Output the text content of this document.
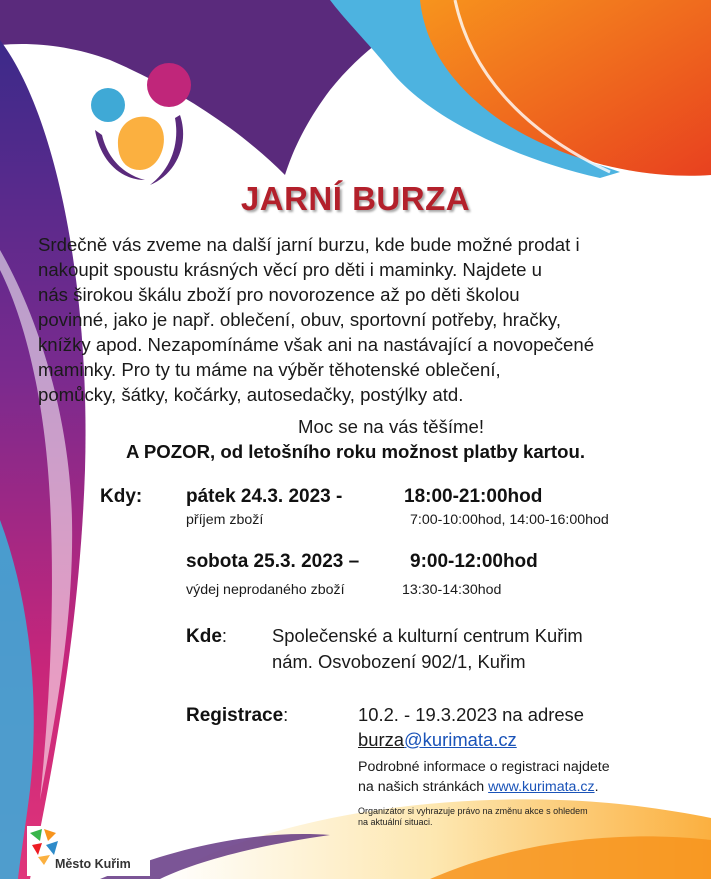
JARNÍ BURZA

Srdečně vás zveme na další jarní burzu, kde bude možné prodat i

nakoupit spoustu krásných věcí pro děti i maminky. Najdete u

nás širokou škálu zboží pro novorozence až po děti školou

povinné, jako je např. oblečení, obuv, sportovní potřeby, hračky,

knížky apod. Nezapomínáme však ani na nastávající a novopečené

maminky. Pro ty tu máme na výběr těhotenské oblečení,

pomůcky, šátky, kočárky, autosedačky, postýlky atd.

Moc se na vás těšíme!
A POZOR, od letošního roku možnost platby kartou.
Kdy: pátek 24.3. 2023 -	18:00-21:00hod
příjem zboží	7:00-10:00hod, 14:00-16:00hod
sobota 25.3. 2023 –	9:00-12:00hod
výdej neprodaného zboží	13:30-14:30hod
Kde: Společenské a kulturní centrum Kuřim
nám. Osvobození 902/1, Kuřim
Registrace:	10.2. - 19.3.2023 na adrese
burza@kurimata.cz
Podrobné informace o registraci najdete
na našich stránkách www.kurimata.cz.
Organizátor si vyhrazuje právo na změnu akce s ohledem
na aktuální situaci.
Město Kuřim
